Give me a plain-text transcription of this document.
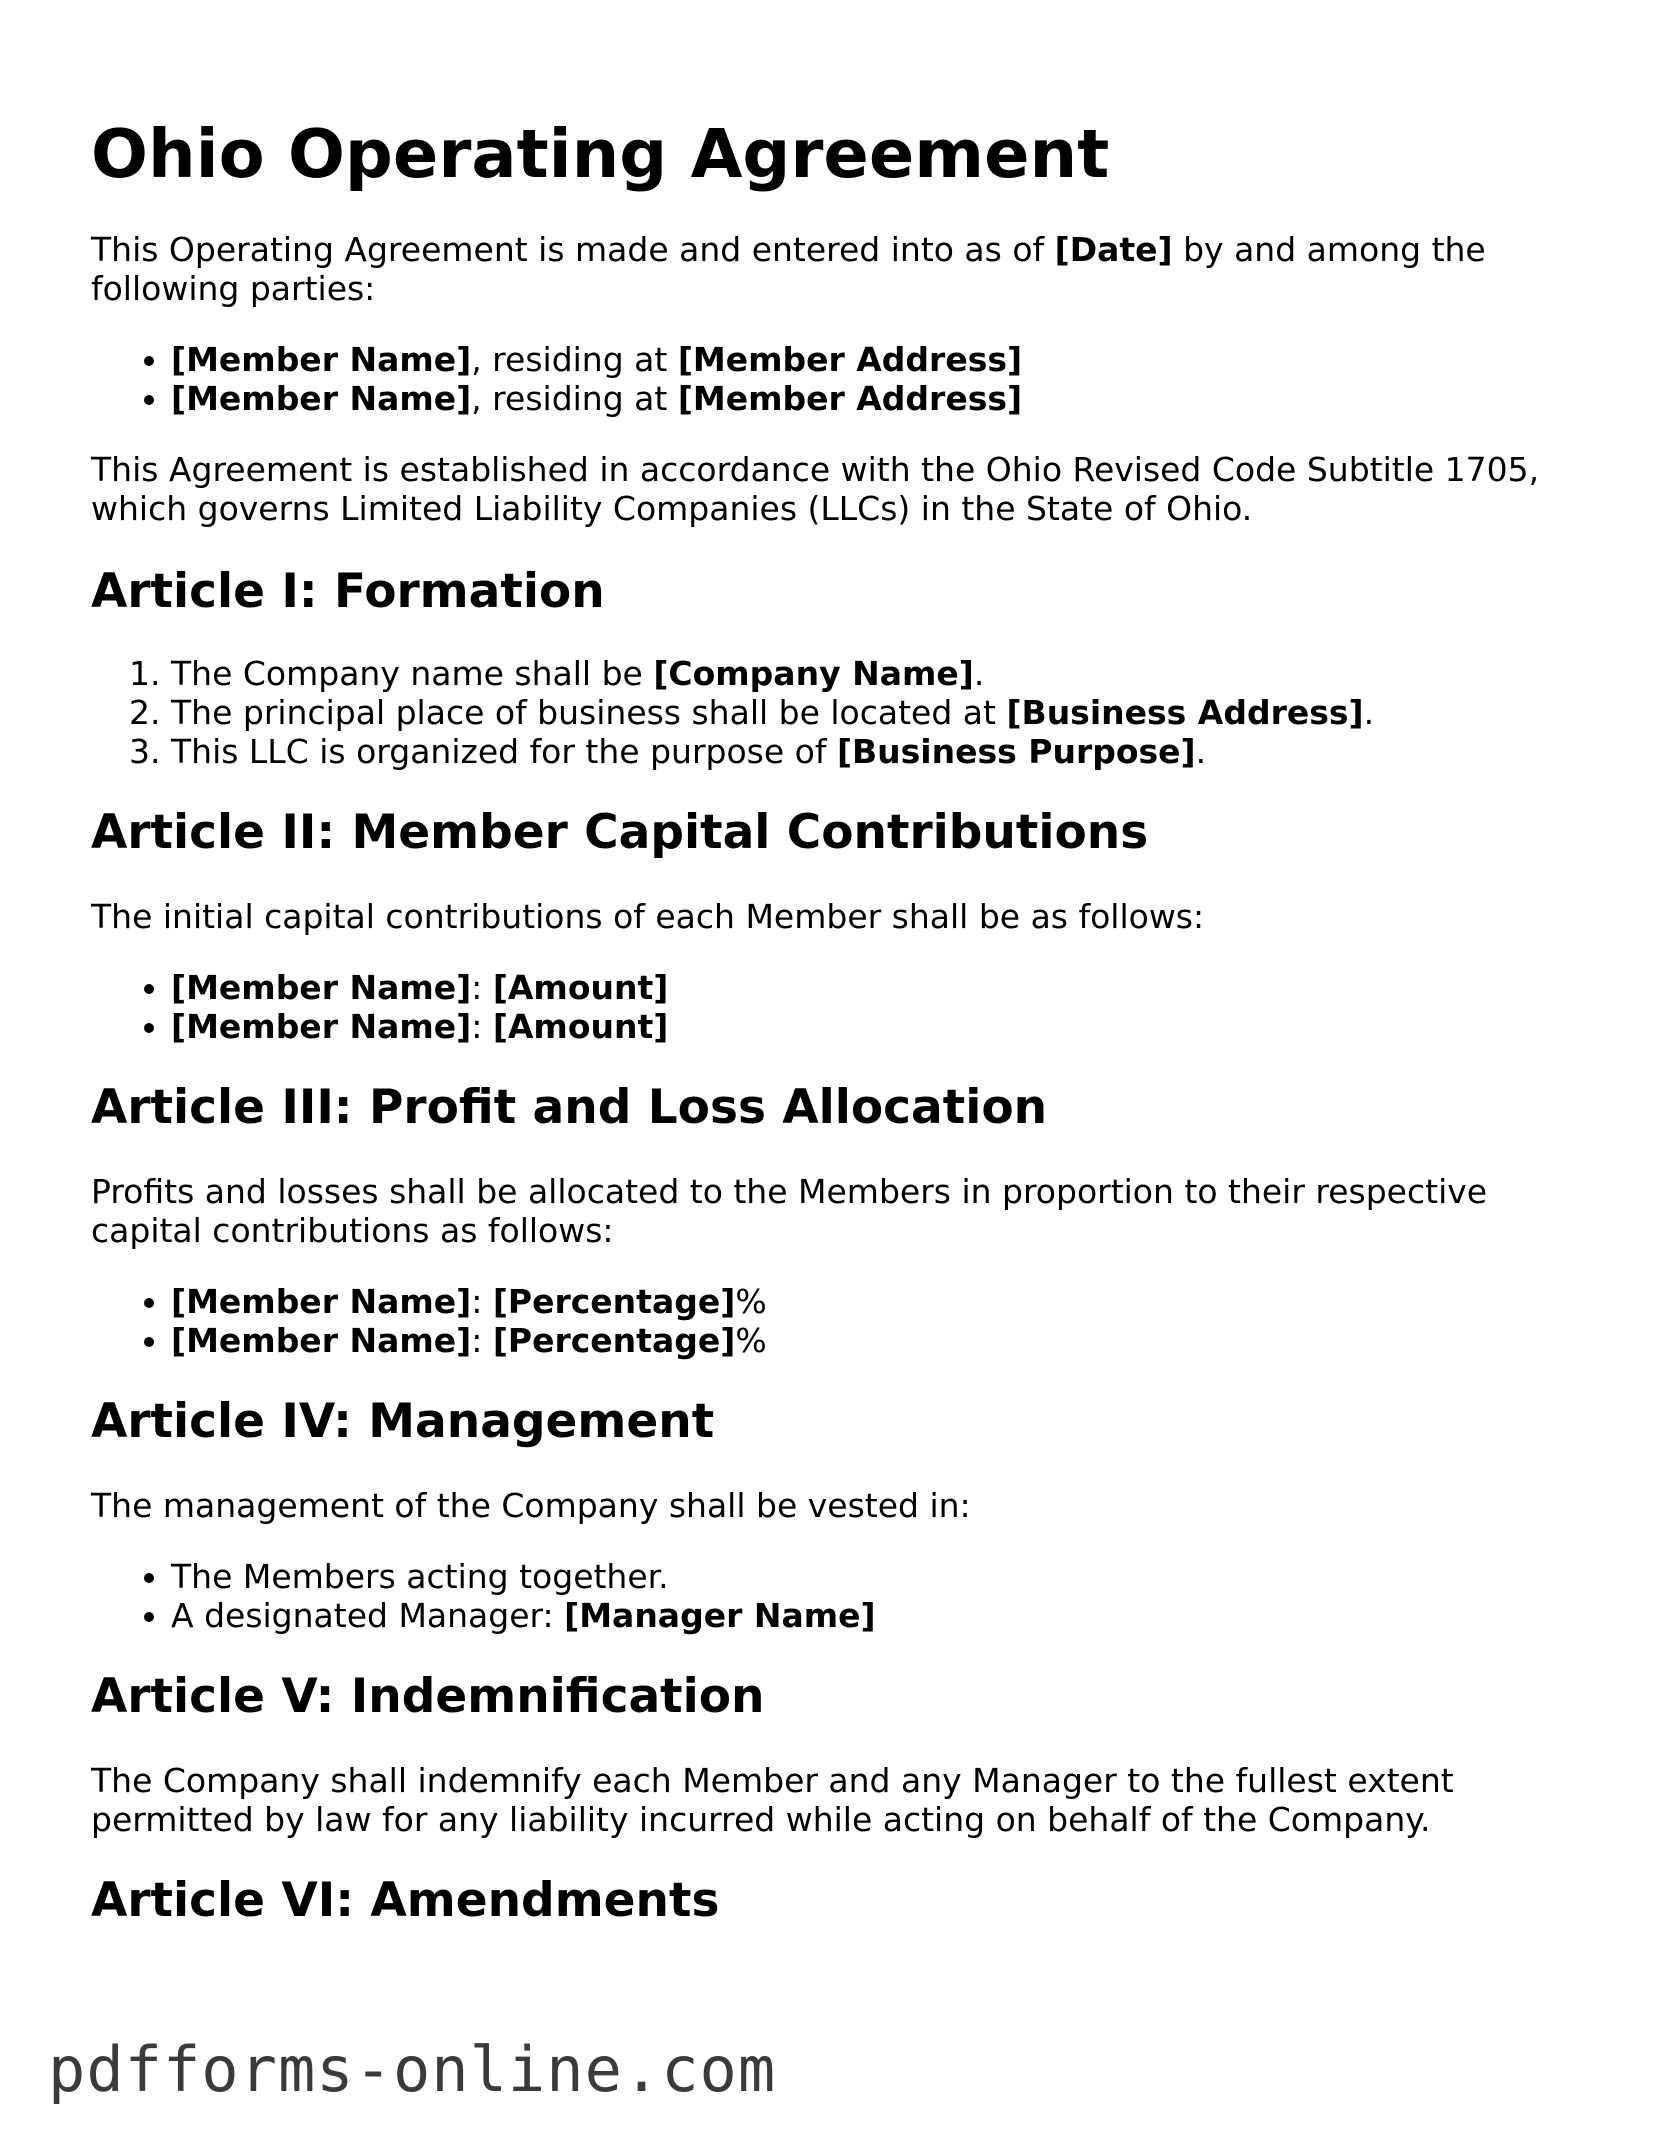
Ohio Operating Agreement

This Operating Agreement is made and entered into as of [Date] by and among the following parties:

• [Member Name], residing at [Member Address]
• [Member Name], residing at [Member Address]

This Agreement is established in accordance with the Ohio Revised Code Subtitle 1705, which governs Limited Liability Companies (LLCs) in the State of Ohio.

Article I: Formation
1. The Company name shall be [Company Name].
2. The principal place of business shall be located at [Business Address].
3. This LLC is organized for the purpose of [Business Purpose].
Article II: Member Capital Contributions

The initial capital contributions of each Member shall be as follows:

• [Member Name]: [Amount]
• [Member Name]: [Amount]
Article III: Profit and Loss Allocation

Profits and losses shall be allocated to the Members in proportion to their respective capital contributions as follows:

• [Member Name]: [Percentage]%
• [Member Name]: [Percentage]%
Article IV: Management

The management of the Company shall be vested in:

• The Members acting together.
• A designated Manager: [Manager Name]
Article V: Indemnification

The Company shall indemnify each Member and any Manager to the fullest extent permitted by law for any liability incurred while acting on behalf of the Company.

Article VI: Amendments
pdfforms-online.com
